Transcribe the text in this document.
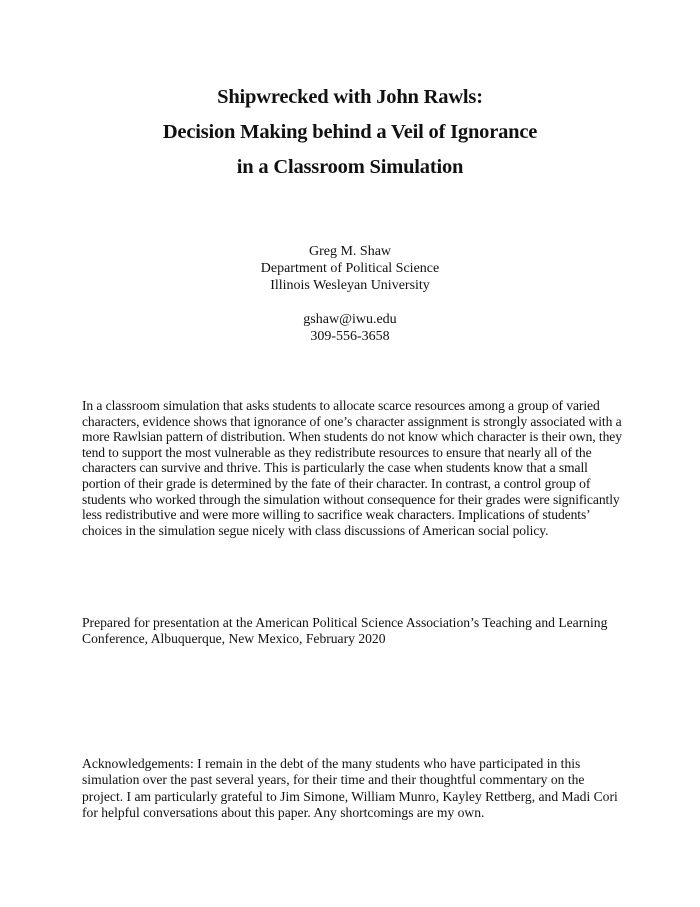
Shipwrecked with John Rawls:
Decision Making behind a Veil of Ignorance
in a Classroom Simulation
Greg M. Shaw
Department of Political Science
Illinois Wesleyan University
gshaw@iwu.edu
309-556-3658
In a classroom simulation that asks students to allocate scarce resources among a group of varied characters, evidence shows that ignorance of one’s character assignment is strongly associated with a more Rawlsian pattern of distribution. When students do not know which character is their own, they tend to support the most vulnerable as they redistribute resources to ensure that nearly all of the characters can survive and thrive. This is particularly the case when students know that a small portion of their grade is determined by the fate of their character. In contrast, a control group of students who worked through the simulation without consequence for their grades were significantly less redistributive and were more willing to sacrifice weak characters. Implications of students’ choices in the simulation segue nicely with class discussions of American social policy.
Prepared for presentation at the American Political Science Association’s Teaching and Learning Conference, Albuquerque, New Mexico, February 2020
Acknowledgements: I remain in the debt of the many students who have participated in this simulation over the past several years, for their time and their thoughtful commentary on the project. I am particularly grateful to Jim Simone, William Munro, Kayley Rettberg, and Madi Cori for helpful conversations about this paper. Any shortcomings are my own.
